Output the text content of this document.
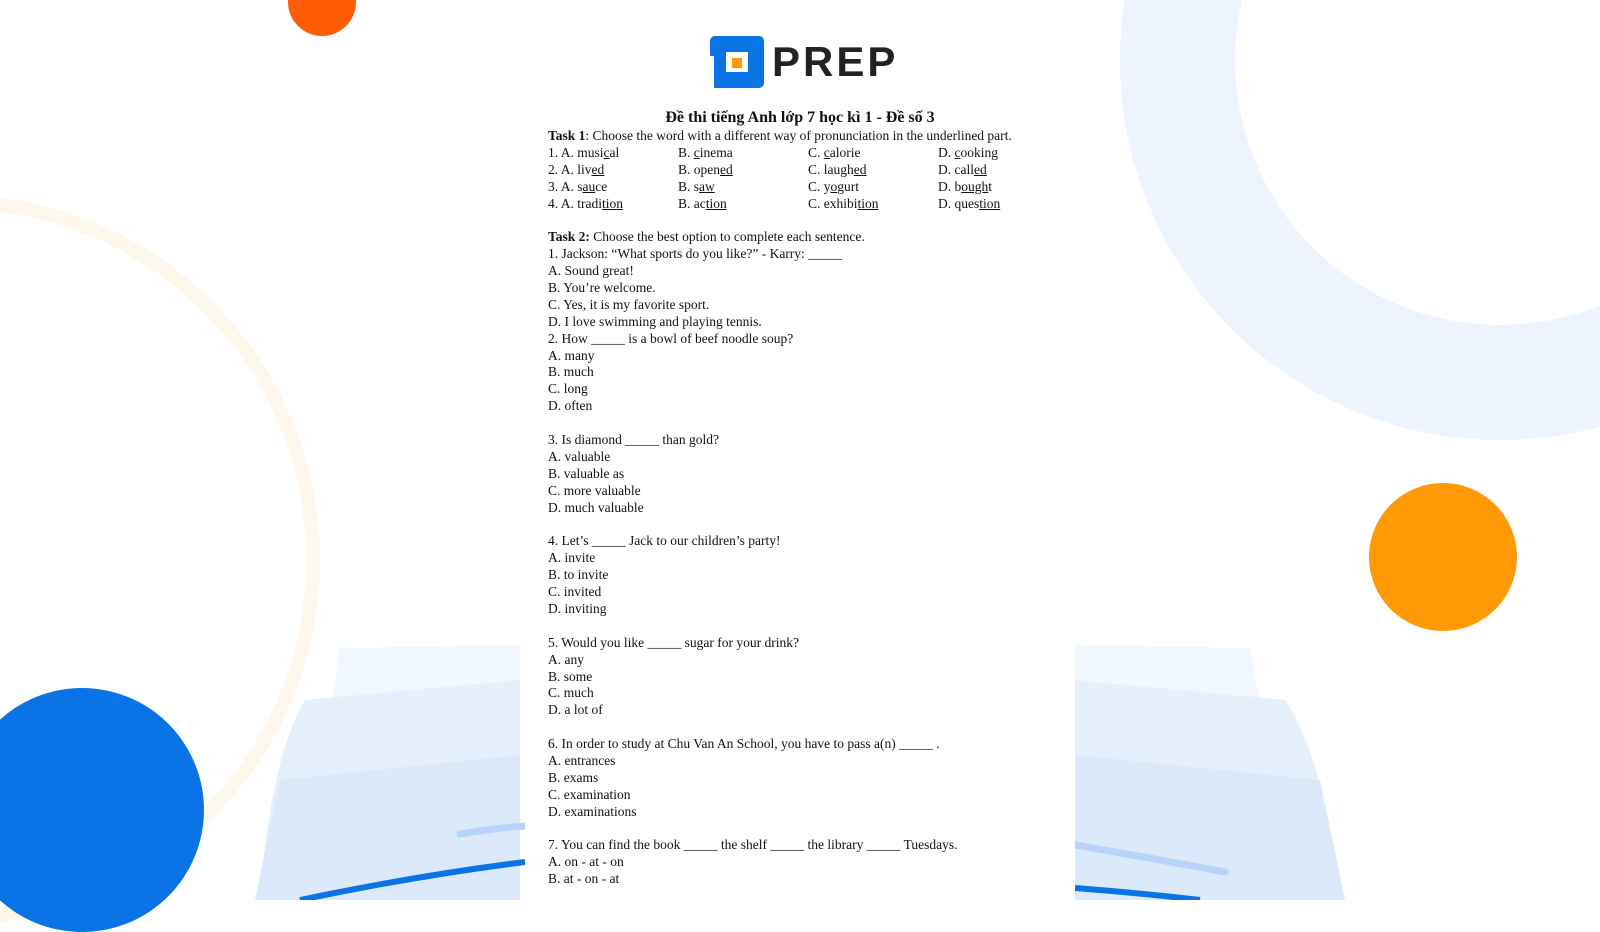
PREP
Đề thi tiếng Anh lớp 7 học kì 1 - Đề số 3
Task 1: Choose the word with a different way of pronunciation in the underlined part.
1. A. musical	B. cinema	C. calorie	D. cooking
2. A. lived	B. opened	C. laughed	D. called
3. A. sauce	B. saw	C. yogurt	D. bought
4. A. tradition	B. action	C. exhibition	D. question
Task 2: Choose the best option to complete each sentence.
1. Jackson: “What sports do you like?” - Karry: _____
A. Sound great!
B. You’re welcome.
C. Yes, it is my favorite sport.
D. I love swimming and playing tennis.
2. How _____ is a bowl of beef noodle soup?
A. many
B. much
C. long
D. often
3. Is diamond _____ than gold?
A. valuable
B. valuable as
C. more valuable
D. much valuable
4. Let’s _____ Jack to our children’s party!
A. invite
B. to invite
C. invited
D. inviting
5. Would you like _____ sugar for your drink?
A. any
B. some
C. much
D. a lot of
6. In order to study at Chu Van An School, you have to pass a(n) _____ .
A. entrances
B. exams
C. examination
D. examinations
7. You can find the book _____ the shelf _____ the library _____ Tuesdays.
A. on - at - on
B. at - on - at
